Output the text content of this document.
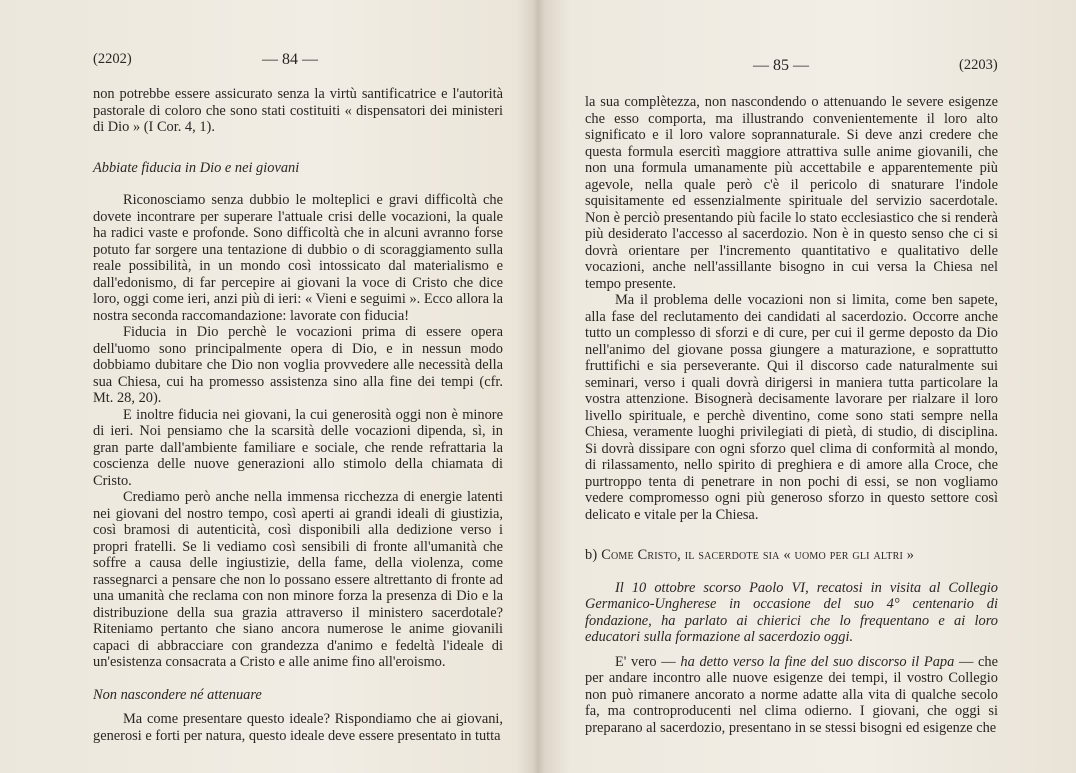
(2202)	— 84 —

non potrebbe essere assicurato senza la virtù santificatrice e l'autorità pastorale di coloro che sono stati costituiti « dispensatori dei ministeri di Dio » (I Cor. 4, 1).

Abbiate fiducia in Dio e nei giovani

Riconosciamo senza dubbio le molteplici e gravi difficoltà che dovete incontrare per superare l'attuale crisi delle vocazioni, la quale ha radici vaste e profonde. Sono difficoltà che in alcuni avranno forse potuto far sorgere una tentazione di dubbio o di scoraggiamento sulla reale possibilità, in un mondo così intossicato dal materialismo e dall'edonismo, di far percepire ai giovani la voce di Cristo che dice loro, oggi come ieri, anzi più di ieri: « Vieni e seguimi ». Ecco allora la nostra seconda raccomandazione: lavorate con fiducia!

Fiducia in Dio perchè le vocazioni prima di essere opera dell'uomo sono principalmente opera di Dio, e in nessun modo dobbiamo dubitare che Dio non voglia provvedere alle necessità della sua Chiesa, cui ha promesso assistenza sino alla fine dei tempi (cfr. Mt. 28, 20).

E inoltre fiducia nei giovani, la cui generosità oggi non è minore di ieri. Noi pensiamo che la scarsità delle vocazioni dipenda, sì, in gran parte dall'ambiente familiare e sociale, che rende refrattaria la coscienza delle nuove generazioni allo stimolo della chiamata di Cristo.

Crediamo però anche nella immensa ricchezza di energie latenti nei giovani del nostro tempo, così aperti ai grandi ideali di giustizia, così bramosi di autenticità, così disponibili alla dedizione verso i propri fratelli. Se li vediamo così sensibili di fronte all'umanità che soffre a causa delle ingiustizie, della fame, della violenza, come rassegnarci a pensare che non lo possano essere altrettanto di fronte ad una umanità che reclama con non minore forza la presenza di Dio e la distribuzione della sua grazia attraverso il ministero sacerdotale? Riteniamo pertanto che siano ancora numerose le anime giovanili capaci di abbracciare con grandezza d'animo e fedeltà l'ideale di un'esistenza consacrata a Cristo e alle anime fino all'eroismo.

Non nascondere né attenuare

Ma come presentare questo ideale? Rispondiamo che ai giovani, generosi e forti per natura, questo ideale deve essere presentato in tutta

— 85 —	(2203)

la sua complètezza, non nascondendo o attenuando le severe esigenze che esso comporta, ma illustrando convenientemente il loro alto significato e il loro valore soprannaturale. Si deve anzi credere che questa formula esercitì maggiore attrattiva sulle anime giovanili, che non una formula umanamente più accettabile e apparentemente più agevole, nella quale però c'è il pericolo di snaturare l'indole squisitamente ed essenzialmente spirituale del servizio sacerdotale. Non è perciò presentando più facile lo stato ecclesiastico che si renderà più desiderato l'accesso al sacerdozio. Non è in questo senso che ci si dovrà orientare per l'incremento quantitativo e qualitativo delle vocazioni, anche nell'assillante bisogno in cui versa la Chiesa nel tempo presente.

Ma il problema delle vocazioni non si limita, come ben sapete, alla fase del reclutamento dei candidati al sacerdozio. Occorre anche tutto un complesso di sforzi e di cure, per cui il germe deposto da Dio nell'animo del giovane possa giungere a maturazione, e soprattutto fruttifichi e sia perseverante. Qui il discorso cade naturalmente sui seminari, verso i quali dovrà dirigersi in maniera tutta particolare la vostra attenzione. Bisognerà decisamente lavorare per rialzare il loro livello spirituale, e perchè diventino, come sono stati sempre nella Chiesa, veramente luoghi privilegiati di pietà, di studio, di disciplina. Si dovrà dissipare con ogni sforzo quel clima di conformità al mondo, di rilassamento, nello spirito di preghiera e di amore alla Croce, che purtroppo tenta di penetrare in non pochi di essi, se non vogliamo vedere compromesso ogni più generoso sforzo in questo settore così delicato e vitale per la Chiesa.

b) Come Cristo, il sacerdote sia « uomo per gli altri »

Il 10 ottobre scorso Paolo VI, recatosi in visita al Collegio Germanico-Ungherese in occasione del suo 4° centenario di fondazione, ha parlato ai chierici che lo frequentano e ai loro educatori sulla formazione al sacerdozio oggi.

E' vero — ha detto verso la fine del suo discorso il Papa — che per andare incontro alle nuove esigenze dei tempi, il vostro Collegio non può rimanere ancorato a norme adatte alla vita di qualche secolo fa, ma controproducenti nel clima odierno. I giovani, che oggi si preparano al sacerdozio, presentano in se stessi bisogni ed esigenze che
